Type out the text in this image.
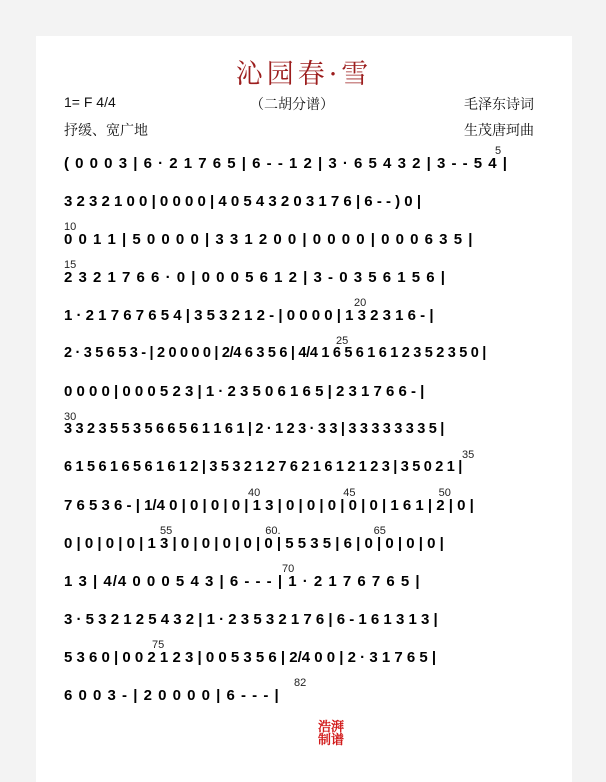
沁园春·雪
1= F 4/4	（二胡分谱）	毛泽东诗词
抒缓、宽广地	生茂唐珂曲
5
( 0 0 0 3 | 6 · 2 1 7 6 5 | 6 - - 1 2 | 3 · 6 5 4 3 2 | 3 - - 5 4 |
3 2 3 2 1 0 0 | 0 0 0 0 | 4 0 5 4 3 2 0 3 1 7 6 | 6 - - ) 0 |
10
0 0 1 1 | 5 0 0 0 0 | 3 3 1 2 0 0 | 0 0 0 0 | 0 0 0 6 3 5 |
15
2 3 2 1 7 6 6 · 0 | 0 0 0 5 6 1 2 | 3 - 0 3 5 6 1 5 6 |
20
1 · 2 1 7 6 7 6 5 4 | 3 5 3 2 1 2 - | 0 0 0 0 | 1 3 2 3 1 6 - |
25
2 · 3 5 6 5 3 - | 2 0 0 0 0 | 2/4 6 3 5 6 | 4/4 1 6 5 6 1 6 1 2 3 5 2 3 5 0 |
0 0 0 0 | 0 0 0 5 2 3 | 1 · 2 3 5 0 6 1 6 5 | 2 3 1 7 6 6 - |
30
3 3 2 3 5 5 3 5 6 6 5 6 1 1 6 1 | 2 · 1 2 3 · 3 3 | 3 3 3 3 3 3 3 5 |
35
6 1 5 6 1 6 5 6 1 6 1 2 | 3 5 3 2 1 2 7 6 2 1 6 1 2 1 2 3 | 3 5 0 2 1 |
40 45 50
7 6 5 3 6 - | 1/4 0 | 0 | 0 | 0 | 1 3 | 0 | 0 | 0 | 0 | 0 | 1 6 1 | 2 | 0 |
55 60. 65
0 | 0 | 0 | 0 | 1 3 | 0 | 0 | 0 | 0 | 0 | 5 5 3 5 | 6 | 0 | 0 | 0 | 0 |
70
1 3 | 4/4 0 0 0 5 4 3 | 6 - - - | 1 · 2 1 7 6 7 6 5 |
3 · 5 3 2 1 2 5 4 3 2 | 1 · 2 3 5 3 2 1 7 6 | 6 - 1 6 1 3 1 3 |
75
5 3 6 0 | 0 0 2 1 2 3 | 0 0 5 3 5 6 | 2/4 0 0 | 2 · 3 1 7 6 5 |
82
6 0 0 3 - | 2 0 0 0 0 | 6 - - - |
浩湃
制谱
